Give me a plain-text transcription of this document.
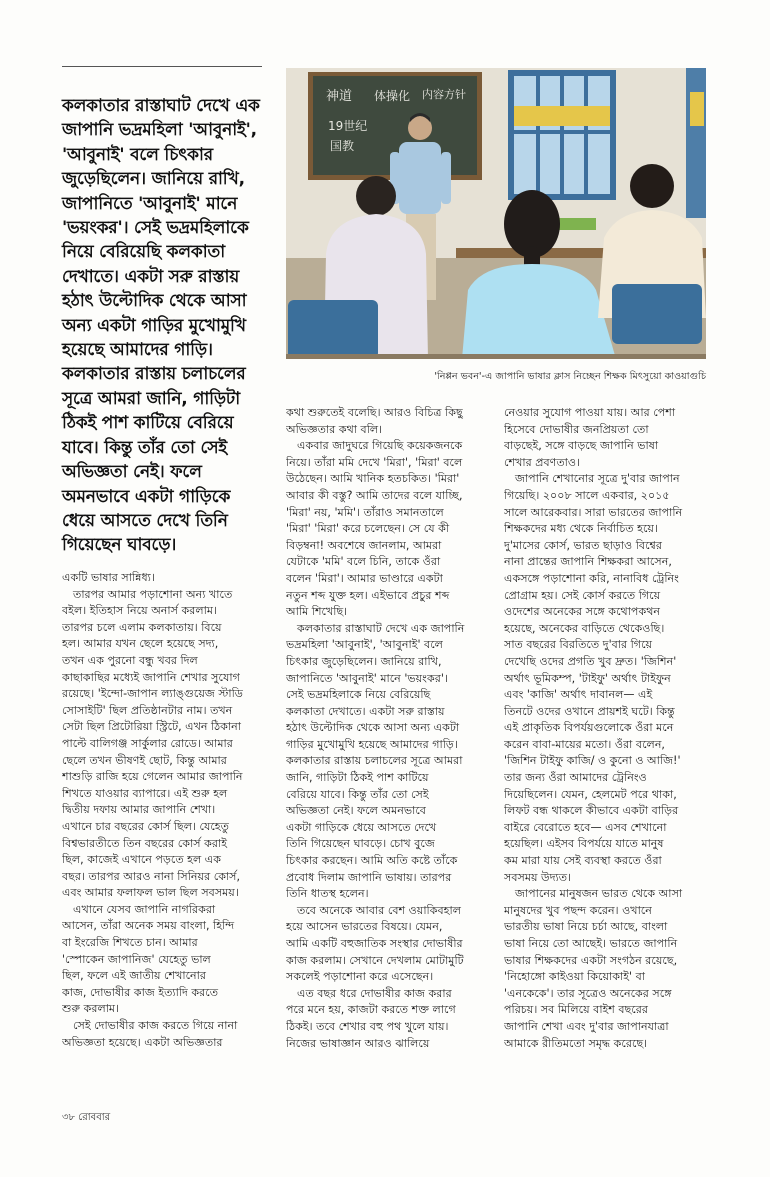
কলকাতার রাস্তাঘাট দেখে এক
জাপানি ভদ্রমহিলা 'আবুনাই',
'আবুনাই' বলে চিৎকার
জুড়েছিলেন। জানিয়ে রাখি,
জাপানিতে 'আবুনাই' মানে
'ভয়ংকর'। সেই ভদ্রমহিলাকে
নিয়ে বেরিয়েছি কলকাতা
দেখাতে। একটা সরু রাস্তায়
হঠাৎ উল্টোদিক থেকে আসা
অন্য একটা গাড়ির মুখোমুখি
হয়েছে আমাদের গাড়ি।
কলকাতার রাস্তায় চলাচলের
সূত্রে আমরা জানি, গাড়িটা
ঠিকই পাশ কাটিয়ে বেরিয়ে
যাবে। কিন্তু তাঁর তো সেই
অভিজ্ঞতা নেই। ফলে
অমনভাবে একটা গাড়িকে
ধেয়ে আসতে দেখে তিনি
গিয়েছেন ঘাবড়ে।
神道 体操化 内容方针
19世纪
国教
'নিপ্পন ভবন'-এ জাপানি ভাষার ক্লাস নিচ্ছেন শিক্ষক মিৎসুয়ো কাওয়াগুচি
একটি ভাষার সান্নিধ্য।
তারপর আমার পড়াশোনা অন্য খাতে
বইল। ইতিহাস নিয়ে অনার্স করলাম।
তারপর চলে এলাম কলকাতায়। বিয়ে
হল। আমার যখন ছেলে হয়েছে সদ্য,
তখন এক পুরনো বন্ধু খবর দিল
কাছাকাছির মধ্যেই জাপানি শেখার সুযোগ
রয়েছে। 'ইন্দো-জাপান ল্যাঙ্গুয়েজ স্টাডি
সোসাইটি' ছিল প্রতিষ্ঠানটার নাম। তখন
সেটা ছিল প্রিটোরিয়া স্ট্রিটে, এখন ঠিকানা
পাল্টে বালিগঞ্জ সার্কুলার রোডে। আমার
ছেলে তখন ভীষণই ছোট, কিন্তু আমার
শাশুড়ি রাজি হয়ে গেলেন আমার জাপানি
শিখতে যাওয়ার ব্যাপারে। এই শুরু হল
দ্বিতীয় দফায় আমার জাপানি শেখা।
এখানে চার বছরের কোর্স ছিল। যেহেতু
বিশ্বভারতীতে তিন বছরের কোর্স করাই
ছিল, কাজেই এখানে পড়তে হল এক
বছর। তারপর আরও নানা সিনিয়র কোর্স,
এবং আমার ফলাফল ভাল ছিল সবসময়।
এখানে যেসব জাপানি নাগরিকরা
আসেন, তাঁরা অনেক সময় বাংলা, হিন্দি
বা ইংরেজি শিখতে চান। আমার
'স্পোকেন জাপানিজ' যেহেতু ভাল
ছিল, ফলে এই জাতীয় শেখানোর
কাজ, দোভাষীর কাজ ইত্যাদি করতে
শুরু করলাম।
সেই দোভাষীর কাজ করতে গিয়ে নানা
অভিজ্ঞতা হয়েছে। একটা অভিজ্ঞতার
কথা শুরুতেই বলেছি। আরও বিচিত্র কিছু
অভিজ্ঞতার কথা বলি।
একবার জাদুঘরে গিয়েছি কয়েকজনকে
নিয়ে। তাঁরা মমি দেখে 'মিরা', 'মিরা' বলে
উঠেছেন। আমি খানিক হতচকিত। 'মিরা'
আবার কী বস্তু? আমি তাদের বলে যাচ্ছি,
'মিরা' নয়, 'মমি'। তাঁরাও সমানতালে
'মিরা' 'মিরা' করে চলেছেন। সে যে কী
বিড়ম্বনা! অবশেষে জানলাম, আমরা
যেটাকে 'মমি' বলে চিনি, তাকে ওঁরা
বলেন 'মিরা'। আমার ভাণ্ডারে একটা
নতুন শব্দ যুক্ত হল। এইভাবে প্রচুর শব্দ
আমি শিখেছি।
কলকাতার রাস্তাঘাট দেখে এক জাপানি
ভদ্রমহিলা 'আবুনাই', 'আবুনাই' বলে
চিৎকার জুড়েছিলেন। জানিয়ে রাখি,
জাপানিতে 'আবুনাই' মানে 'ভয়ংকর'।
সেই ভদ্রমহিলাকে নিয়ে বেরিয়েছি
কলকাতা দেখাতে। একটা সরু রাস্তায়
হঠাৎ উল্টোদিক থেকে আসা অন্য একটা
গাড়ির মুখোমুখি হয়েছে আমাদের গাড়ি।
কলকাতার রাস্তায় চলাচলের সূত্রে আমরা
জানি, গাড়িটা ঠিকই পাশ কাটিয়ে
বেরিয়ে যাবে। কিন্তু তাঁর তো সেই
অভিজ্ঞতা নেই। ফলে অমনভাবে
একটা গাড়িকে ধেয়ে আসতে দেখে
তিনি গিয়েছেন ঘাবড়ে। চোখ বুজে
চিৎকার করছেন। আমি অতি কষ্টে তাঁকে
প্রবোধ দিলাম জাপানি ভাষায়। তারপর
তিনি ধাতস্থ হলেন।
তবে অনেকে আবার বেশ ওয়াকিবহাল
হয়ে আসেন ভারতের বিষয়ে। যেমন,
আমি একটি বহুজাতিক সংস্থার দোভাষীর
কাজ করলাম। সেখানে দেখলাম মোটামুটি
সকলেই পড়াশোনা করে এসেছেন।
এত বছর ধরে দোভাষীর কাজ করার
পরে মনে হয়, কাজটা করতে শক্ত লাগে
ঠিকই। তবে শেখার বহু পথ খুলে যায়।
নিজের ভাষাজ্ঞান আরও ঝালিয়ে
নেওয়ার সুযোগ পাওয়া যায়। আর পেশা
হিসেবে দোভাষীর জনপ্রিয়তা তো
বাড়ছেই, সঙ্গে বাড়ছে জাপানি ভাষা
শেখার প্রবণতাও।
জাপানি শেখানোর সূত্রে দু'বার জাপান
গিয়েছি। ২০০৮ সালে একবার, ২০১৫
সালে আরেকবার। সারা ভারতের জাপানি
শিক্ষকদের মধ্য থেকে নির্বাচিত হয়ে।
দু'মাসের কোর্স, ভারত ছাড়াও বিশ্বের
নানা প্রান্তের জাপানি শিক্ষকরা আসেন,
একসঙ্গে পড়াশোনা করি, নানাবিধ ট্রেনিং
প্রোগ্রাম হয়। সেই কোর্স করতে গিয়ে
ওদেশের অনেকের সঙ্গে কথোপকথন
হয়েছে, অনেকের বাড়িতে থেকেওছি।
সাত বছরের বিরতিতে দু'বার গিয়ে
দেখেছি ওদের প্রগতি খুব দ্রুত। 'জিশিন'
অর্থাৎ ভূমিকম্প, 'টাইফু' অর্থাৎ টাইফুন
এবং 'কাজি' অর্থাৎ দাবানল— এই
তিনটে ওদের ওখানে প্রায়শই ঘটে। কিন্তু
এই প্রাকৃতিক বিপর্যয়গুলোকে ওঁরা মনে
করেন বাবা-মায়ের মতো। ওঁরা বলেন,
'জিশিন টাইফু কাজি/ ও কুনো ও আজি!'
তার জন্য ওঁরা আমাদের ট্রেনিংও
দিয়েছিলেন। যেমন, হেলমেট পরে থাকা,
লিফট বন্ধ থাকলে কীভাবে একটা বাড়ির
বাইরে বেরোতে হবে— এসব শেখানো
হয়েছিল। এইসব বিপর্যয়ে যাতে মানুষ
কম মারা যায় সেই ব্যবস্থা করতে ওঁরা
সবসময় উদ্যত।
জাপানের মানুষজন ভারত থেকে আসা
মানুষদের খুব পছন্দ করেন। ওখানে
ভারতীয় ভাষা নিয়ে চর্চা আছে, বাংলা
ভাষা নিয়ে তো আছেই। ভারতে জাপানি
ভাষার শিক্ষকদের একটা সংগঠন রয়েছে,
'নিহোঙ্গো কাইওয়া কিয়োকাই' বা
'এনকেকে'। তার সূত্রেও অনেকের সঙ্গে
পরিচয়। সব মিলিয়ে বাইশ বছরের
জাপানি শেখা এবং দু'বার জাপানযাত্রা
আমাকে রীতিমতো সমৃদ্ধ করেছে।
৩৮ রোববার
